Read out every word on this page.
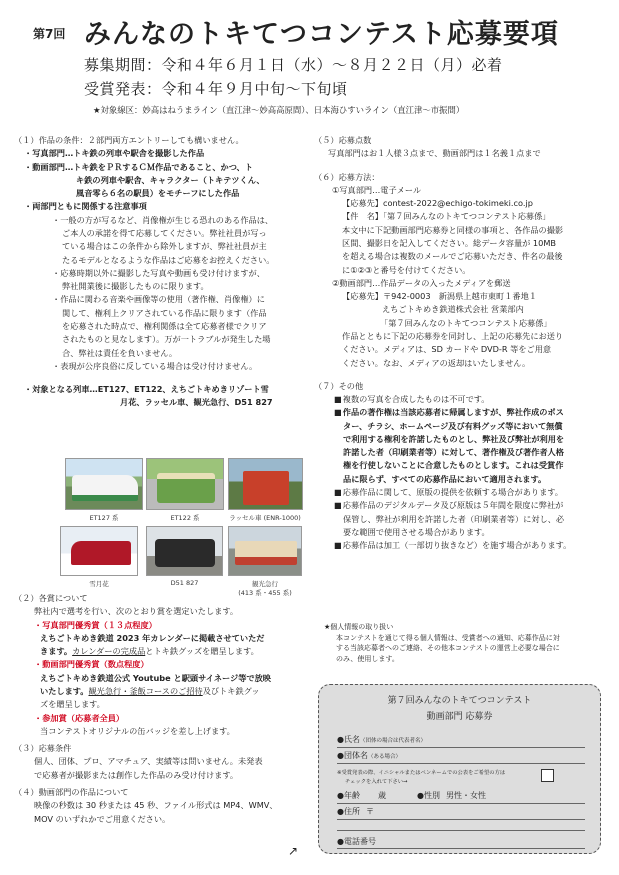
第7回 みんなのトキてつコンテスト応募要項
募集期間：令和４年６月１日（水）～８月２２日（月）必着
受賞発表：令和４年９月中旬～下旬頃
★対象線区：妙高はねうまライン（直江津～妙高高原間）、日本海ひすいライン（直江津～市振間）
（１）作品の条件：２部門両方エントリーしても構いません。
・写真部門…トキ鉄の列車や駅舎を撮影した作品
・動画部門…トキ鉄をＰＲするＣＭ作品であること、かつ、ト
キ鉄の列車や駅舎、キャラクター（トキテツくん、
風音零ら６名の駅員）をモチーフにした作品
・両部門ともに関係する注意事項
・一般の方が写るなど、肖像権が生じる恐れのある作品は、
ご本人の承諾を得て応募してください。弊社社員が写っ
ている場合はこの条件から除外しますが、弊社社員が主
たるモデルとなるような作品はご応募をお控えください。
・応募時期以外に撮影した写真や動画も受け付けますが、
弊社開業後に撮影したものに限ります。
・作品に関わる音楽や画像等の使用（著作権、肖像権）に
関して、権利上クリアされている作品に限ります（作品
を応募された時点で、権利関係は全て応募者様でクリア
されたものと見なします）。万が一トラブルが発生した場
合、弊社は責任を負いません。
・表現が公序良俗に反している場合は受け付けません。
・対象となる列車…ET127、ET122、えちごトキめきリゾート雪
月花、ラッセル車、観光急行、D51 827
ET127 系	ET122 系	ラッセル車 (ENR-1000)
雪月花	D51 827	観光急行
(413 系・455 系)
（２）各賞について
弊社内で選考を行い、次のとおり賞を選定いたします。
・写真部門優秀賞（１３点程度）
えちごトキめき鉄道 2023 年カレンダーに掲載させていただ
きます。カレンダーの完成品とトキ鉄グッズを贈呈します。
・動画部門優秀賞（数点程度）
えちごトキめき鉄道公式 Youtube と駅頭サイネージ等で放映
いたします。観光急行・釜飯コースのご招待及びトキ鉄グッ
ズを贈呈します。
・参加賞（応募者全員）
当コンテストオリジナルの缶バッジを差し上げます。
（３）応募条件
個人、団体、プロ、アマチュア、実績等は問いません。未発表
で応募者が撮影または創作した作品のみ受け付けます。
（４）動画部門の作品について
映像の秒数は 30 秒または 45 秒、ファイル形式は MP4、WMV、
MOV のいずれかでご用意ください。
↗
（５）応募点数
写真部門はお１人様３点まで、動画部門は１名義１点まで
（６）応募方法：
①写真部門…電子メール
【応募先】contest-2022@echigo-tokimeki.co.jp
【件　名】「第７回みんなのトキてつコンテスト応募係」
本文中に下記動画部門応募券と同様の事項と、各作品の撮影
区間、撮影日を記入してください。総データ容量が 10MB
を超える場合は複数のメールでご応募いただき、件名の最後
に①②③と番号を付けてください。
②動画部門…作品データの入ったメディアを郵送
【応募先】〒942-0003　新潟県上越市東町１番地１
えちごトキめき鉄道株式会社 営業部内
「第７回みんなのトキてつコンテスト応募係」
作品とともに下記の応募券を同封し、上記の応募先にお送り
ください。メディアは、SD カードや DVD-R 等をご用意
ください。なお、メディアの返却はいたしません。
（７）その他
■ 複数の写真を合成したものは不可です。
■ 作品の著作権は当該応募者に帰属しますが、弊社作成のポス
ター、チラシ、ホームページ及び有料グッズ等において無償
で利用する権利を許諾したものとし、弊社及び弊社が利用を
許諾した者（印刷業者等）に対して、著作権及び著作者人格
権を行使しないことに合意したものとします。これは受賞作
品に限らず、すべての応募作品において適用されます。
■ 応募作品に関して、原版の提供を依頼する場合があります。
■ 応募作品のデジタルデータ及び原版は５年間を限度に弊社が
保管し、弊社が利用を許諾した者（印刷業者等）に対し、必
要な範囲で使用させる場合があります。
■ 応募作品は加工（一部切り抜きなど）を施す場合があります。
★個人情報の取り扱い
本コンテストを通じて得る個人情報は、受賞者への通知、応募作品に対
する当該応募者へのご連絡、その他本コンテストの運営上必要な場合に
のみ、使用します。
第７回みんなのトキてつコンテスト
動画部門 応募券
●氏名（団体の場合は代表者名）
●団体名（ある場合）
※受賞発表の際、イニシャルまたはペンネームでの公表をご希望の方は
チェックを入れて下さい→
●年齢 歳	●性別 男性・女性
●住所 〒
●電話番号
